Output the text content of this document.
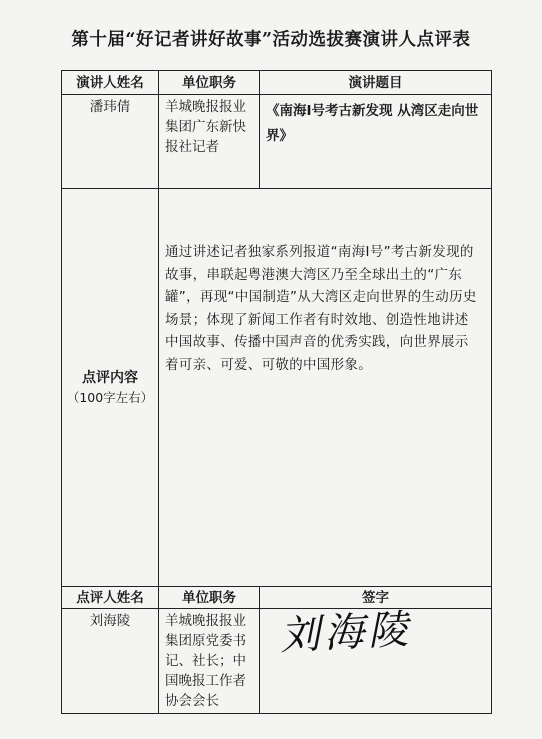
第十届“好记者讲好故事”活动选拔赛演讲人点评表
演讲人姓名	单位职务	演讲题目
潘玮倩	羊城晚报报业集团广东新快报社记者	《南海Ⅰ号考古新发现 从湾区走向世界》

点评内容
（100字左右）	通过讲述记者独家系列报道“南海Ⅰ号”考古新发现的故事，串联起粤港澳大湾区乃至全球出土的“广东罐”，再现“中国制造”从大湾区走向世界的生动历史场景；体现了新闻工作者有时效地、创造性地讲述中国故事、传播中国声音的优秀实践，向世界展示着可亲、可爱、可敬的中国形象。	
点评人姓名	单位职务	签字
刘海陵	羊城晚报报业集团原党委书记、社长；中国晚报工作者协会会长	刘海陵
